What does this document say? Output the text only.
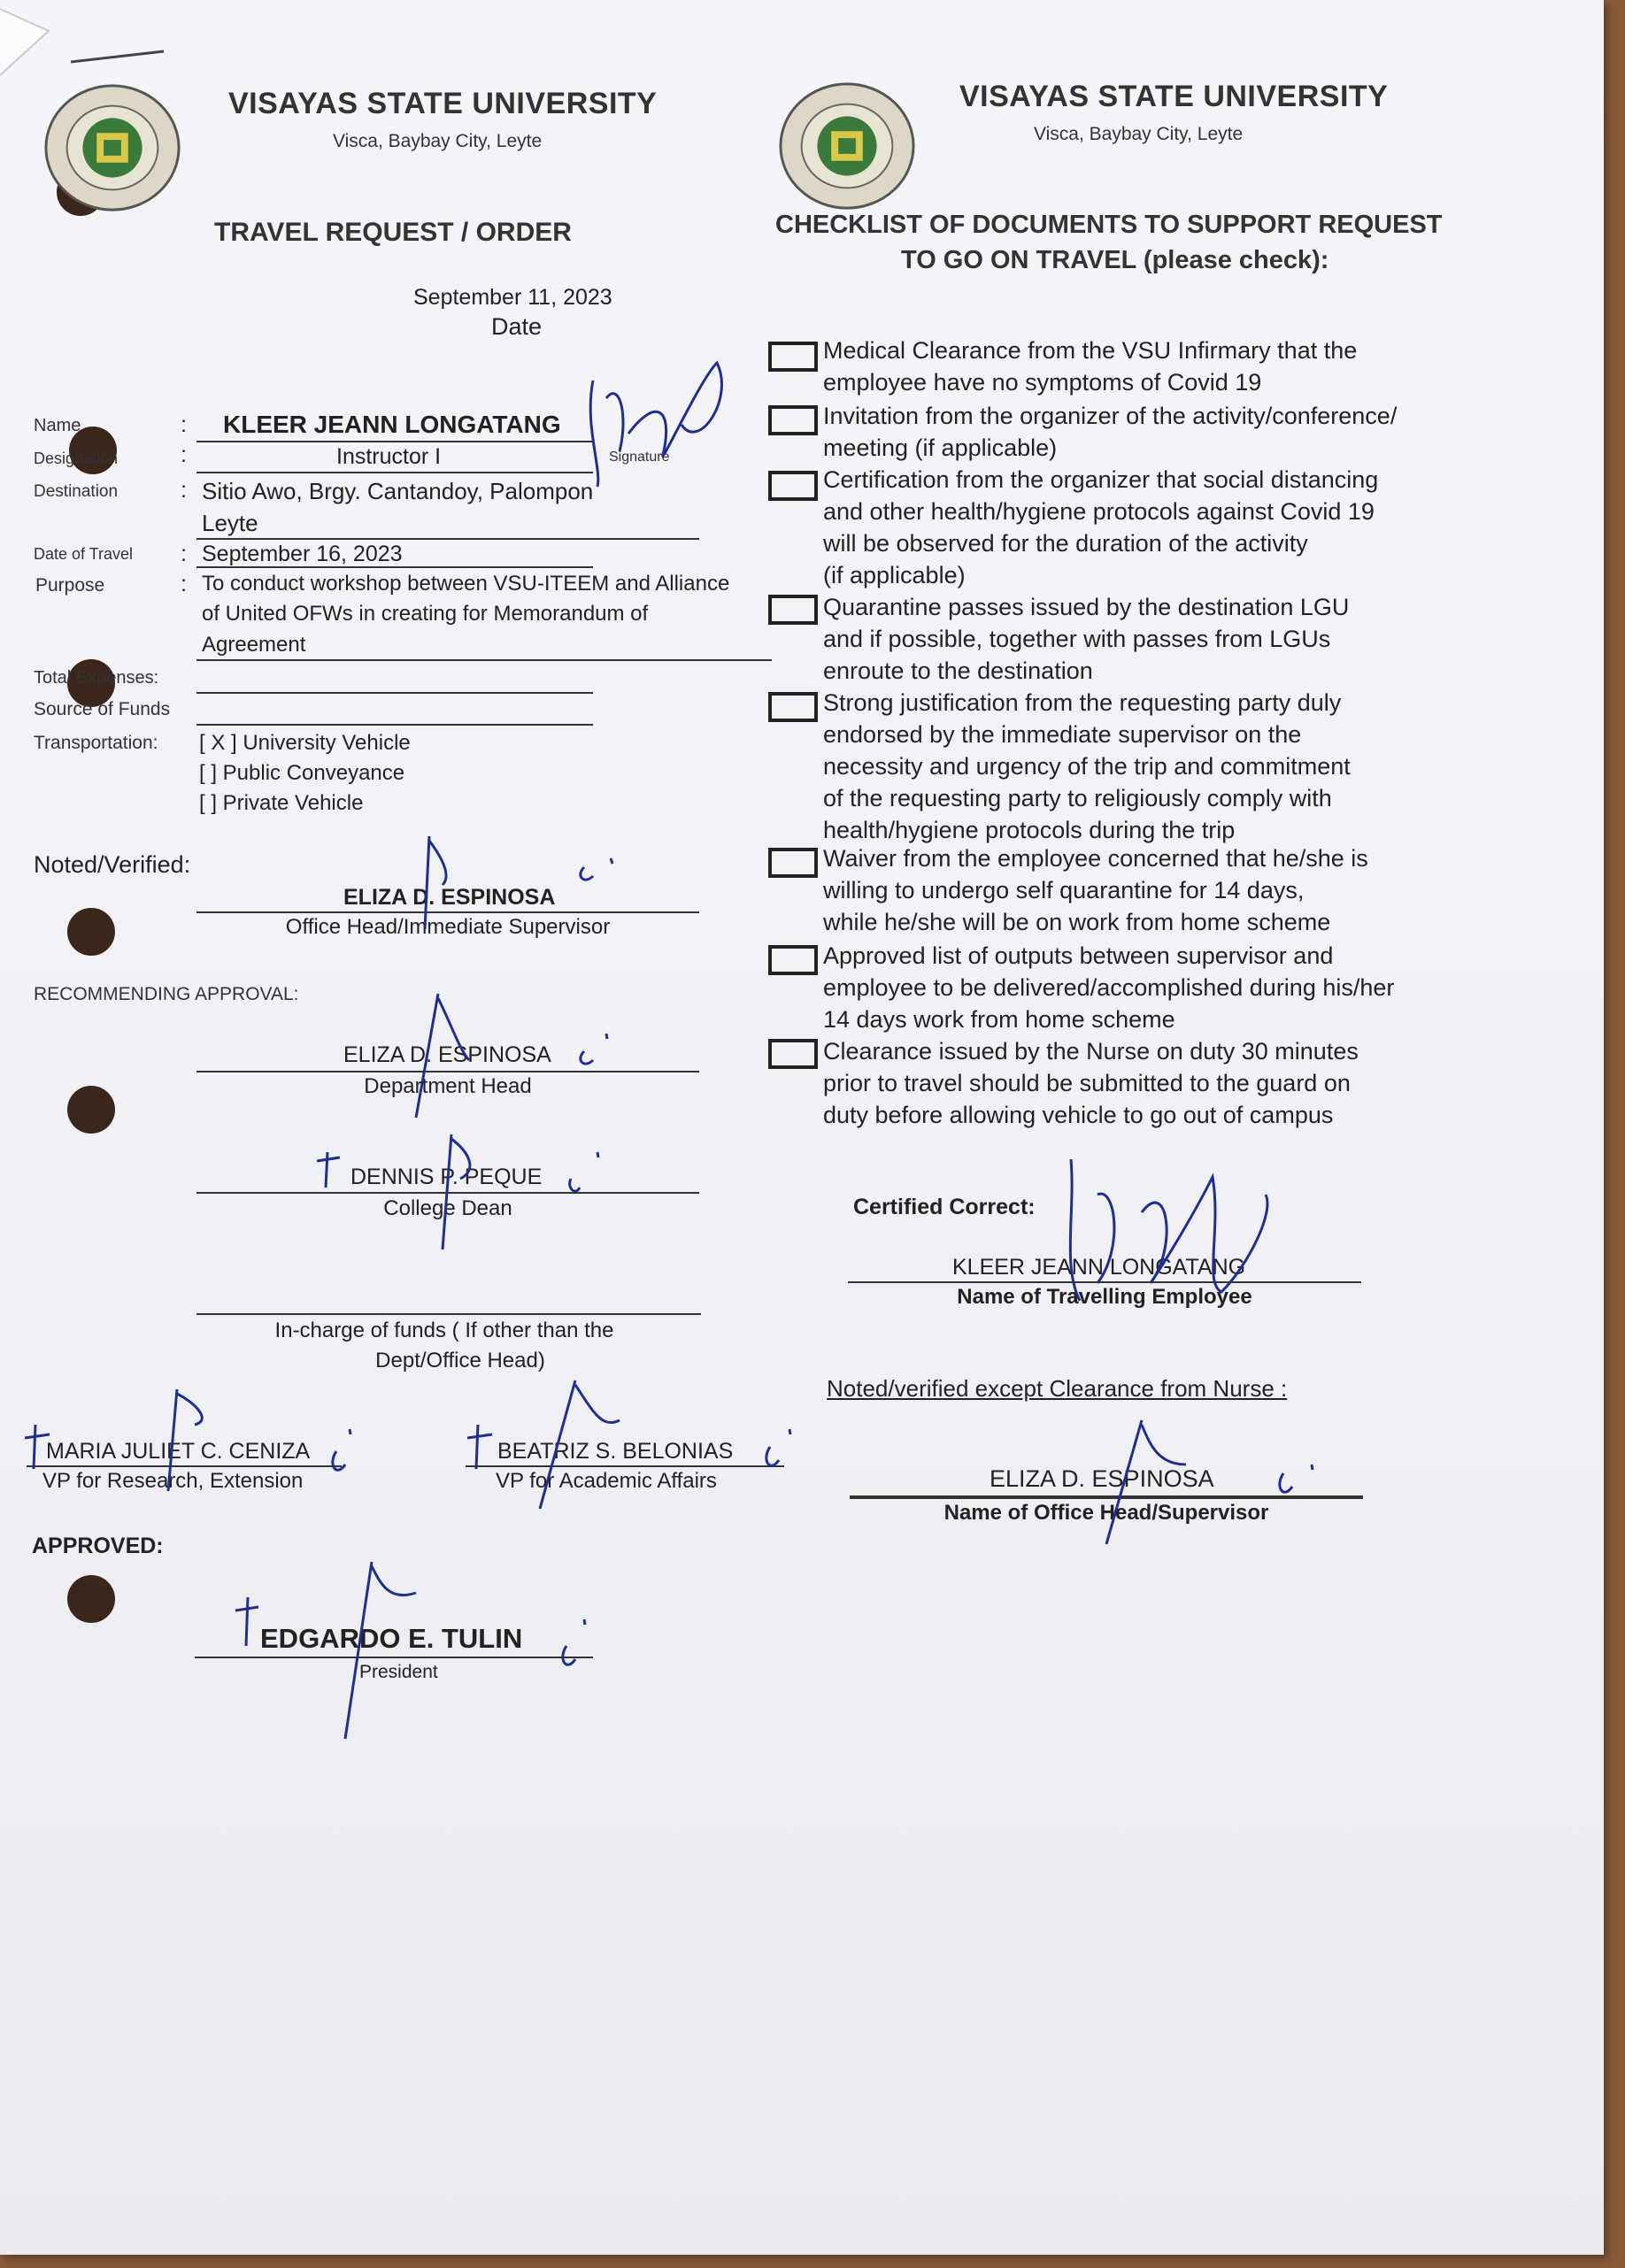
VISAYAS STATE UNIVERSITY
Visca, Baybay City, Leyte
TRAVEL REQUEST / ORDER
September 11, 2023
Date
Name	: KLEER JEANN LONGATANG
Designation	:	Instructor I	Signature
Destination	: Sitio Awo, Brgy. Cantandoy, Palompon
Leyte
Date of Travel : September 16, 2023
Purpose	: To conduct workshop between VSU-ITEEM and Alliance
of United OFWs in creating for Memorandum of
Agreement
Total Expenses:
Source of Funds
Transportation: [ X ] University Vehicle
[ ] Public Conveyance
[ ] Private Vehicle
Noted/Verified:
ELIZA D. ESPINOSA
Office Head/Immediate Supervisor
RECOMMENDING APPROVAL:
ELIZA D. ESPINOSA
Department Head
DENNIS P. PEQUE
College Dean
In-charge of funds ( If other than the
Dept/Office Head)
MARIA JULIET C. CENIZA
VP for Research, Extension
BEATRIZ S. BELONIAS
VP for Academic Affairs
APPROVED:
EDGARDO E. TULIN
President
VISAYAS STATE UNIVERSITY
Visca, Baybay City, Leyte
CHECKLIST OF DOCUMENTS TO SUPPORT REQUEST
TO GO ON TRAVEL (please check):
Medical Clearance from the VSU Infirmary that the
employee have no symptoms of Covid 19
Invitation from the organizer of the activity/conference/
meeting (if applicable)
Certification from the organizer that social distancing
and other health/hygiene protocols against Covid 19
will be observed for the duration of the activity
(if applicable)
Quarantine passes issued by the destination LGU
and if possible, together with passes from LGUs
enroute to the destination
Strong justification from the requesting party duly
endorsed by the immediate supervisor on the
necessity and urgency of the trip and commitment
of the requesting party to religiously comply with
health/hygiene protocols during the trip
Waiver from the employee concerned that he/she is
willing to undergo self quarantine for 14 days,
while he/she will be on work from home scheme
Approved list of outputs between supervisor and
employee to be delivered/accomplished during his/her
14 days work from home scheme
Clearance issued by the Nurse on duty 30 minutes
prior to travel should be submitted to the guard on
duty before allowing vehicle to go out of campus
Certified Correct:
KLEER JEANN LONGATANG
Name of Travelling Employee
Noted/verified except Clearance from Nurse :
ELIZA D. ESPINOSA
Name of Office Head/Supervisor
